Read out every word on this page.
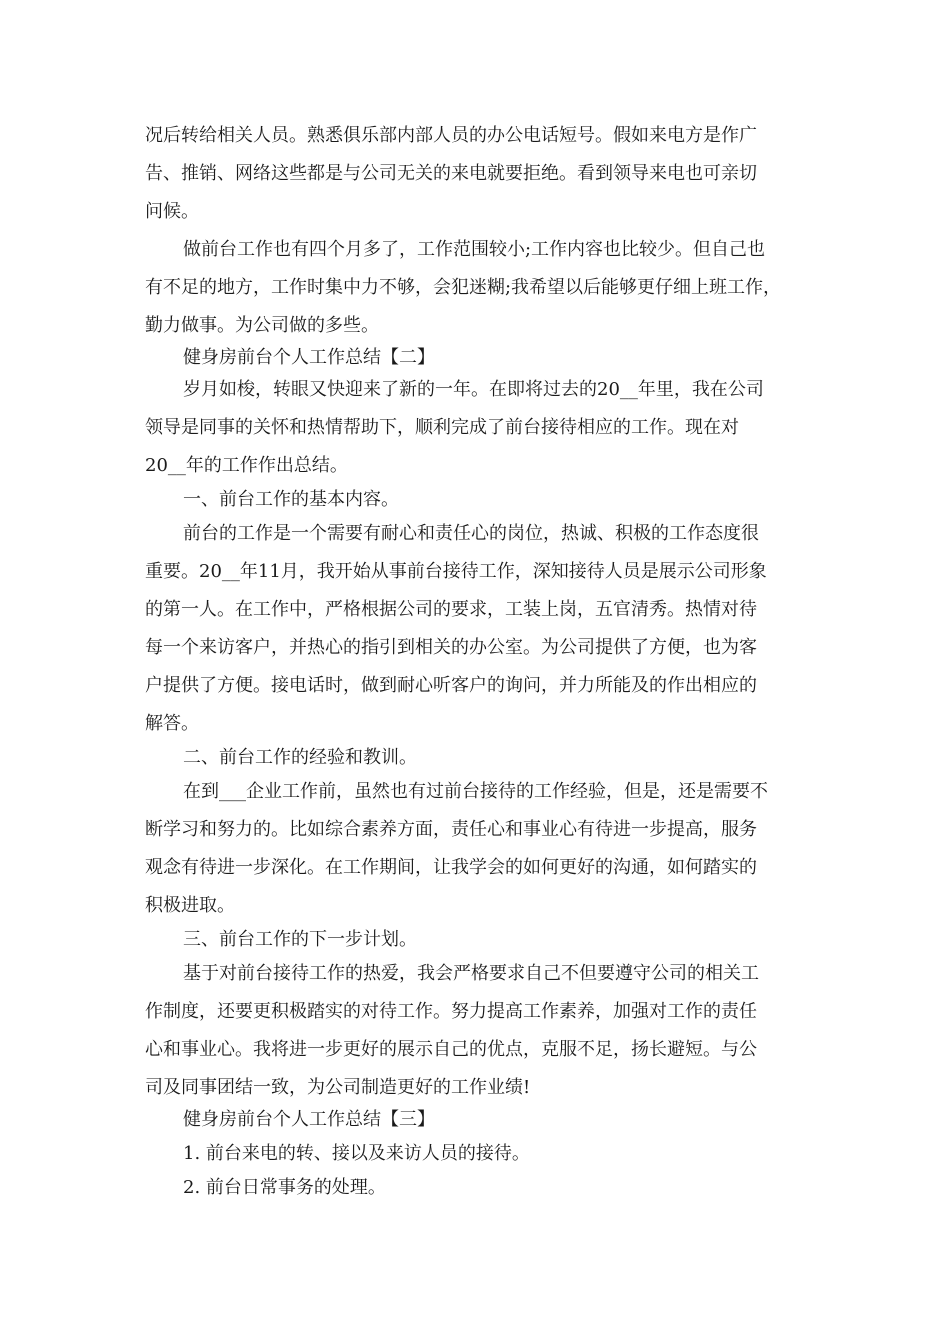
况后转给相关人员。熟悉俱乐部内部人员的办公电话短号。假如来电方是作广

告、推销、网络这些都是与公司无关的来电就要拒绝。看到领导来电也可亲切

问候。

做前台工作也有四个月多了，工作范围较小;工作内容也比较少。但自己也

有不足的地方，工作时集中力不够，会犯迷糊;我希望以后能够更仔细上班工作，

勤力做事。为公司做的多些。

健身房前台个人工作总结【二】

岁月如梭，转眼又快迎来了新的一年。在即将过去的20__年里，我在公司

领导是同事的关怀和热情帮助下，顺利完成了前台接待相应的工作。现在对

20__年的工作作出总结。

一、前台工作的基本内容。

前台的工作是一个需要有耐心和责任心的岗位，热诚、积极的工作态度很

重要。20__年11月，我开始从事前台接待工作，深知接待人员是展示公司形象

的第一人。在工作中，严格根据公司的要求，工装上岗，五官清秀。热情对待

每一个来访客户，并热心的指引到相关的办公室。为公司提供了方便，也为客

户提供了方便。接电话时，做到耐心听客户的询问，并力所能及的作出相应的

解答。

二、前台工作的经验和教训。

在到___企业工作前，虽然也有过前台接待的工作经验，但是，还是需要不

断学习和努力的。比如综合素养方面，责任心和事业心有待进一步提高，服务

观念有待进一步深化。在工作期间，让我学会的如何更好的沟通，如何踏实的

积极进取。

三、前台工作的下一步计划。

基于对前台接待工作的热爱，我会严格要求自己不但要遵守公司的相关工

作制度，还要更积极踏实的对待工作。努力提高工作素养，加强对工作的责任

心和事业心。我将进一步更好的展示自己的优点，克服不足，扬长避短。与公

司及同事团结一致，为公司制造更好的工作业绩!

健身房前台个人工作总结【三】

1. 前台来电的转、接以及来访人员的接待。

2. 前台日常事务的处理。
